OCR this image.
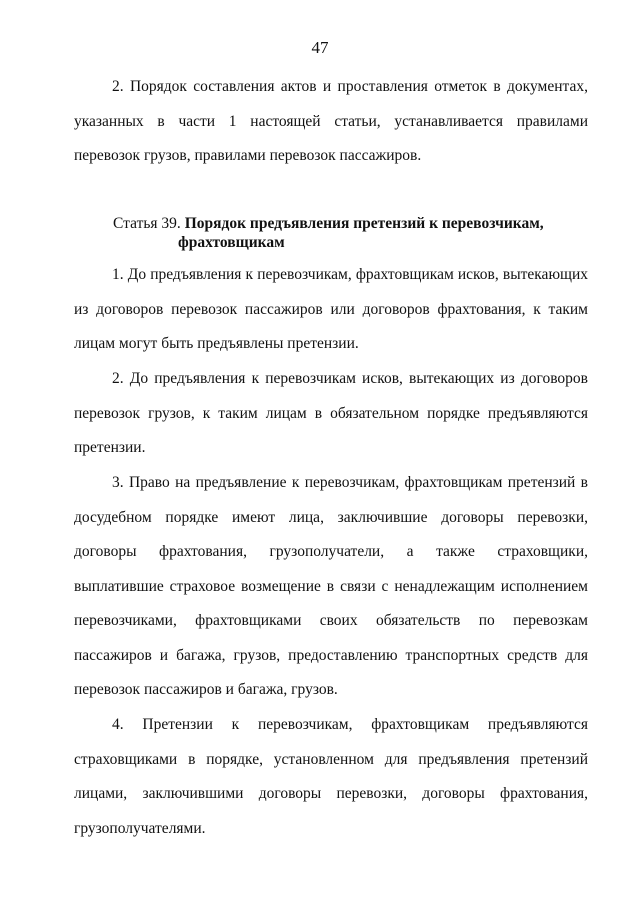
47

2. Порядок составления актов и проставления отметок в документах, указанных в части 1 настоящей статьи, устанавливается правилами перевозок грузов, правилами перевозок пассажиров.

Статья 39. Порядок предъявления претензий к перевозчикам,
фрахтовщикам

1. До предъявления к перевозчикам, фрахтовщикам исков, вытекающих из договоров перевозок пассажиров или договоров фрахтования, к таким лицам могут быть предъявлены претензии.

2. До предъявления к перевозчикам исков, вытекающих из договоров перевозок грузов, к таким лицам в обязательном порядке предъявляются претензии.

3. Право на предъявление к перевозчикам, фрахтовщикам претензий в досудебном порядке имеют лица, заключившие договоры перевозки, договоры фрахтования, грузополучатели, а также страховщики, выплатившие страховое возмещение в связи с ненадлежащим исполнением перевозчиками, фрахтовщиками своих обязательств по перевозкам пассажиров и багажа, грузов, предоставлению транспортных средств для перевозок пассажиров и багажа, грузов.

4. Претензии к перевозчикам, фрахтовщикам предъявляются страховщиками в порядке, установленном для предъявления претензий лицами, заключившими договоры перевозки, договоры фрахтования, грузополучателями.
